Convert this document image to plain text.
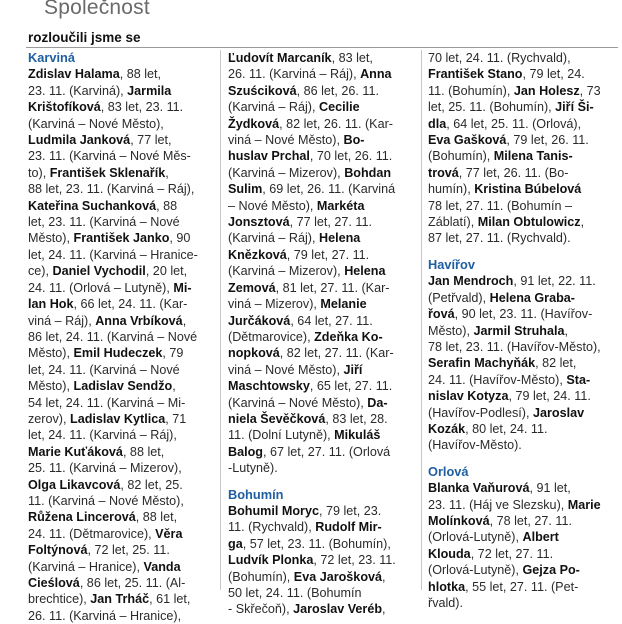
Společnost
rozloučili jsme se
Karviná
Zdislav Halama, 88 let,
23. 11. (Karviná), Jarmila
Krištofíková, 83 let, 23. 11.
(Karviná – Nové Město),
Ludmila Janková, 77 let,
23. 11. (Karviná – Nové Měs-
to), František Sklenařík,
88 let, 23. 11. (Karviná – Ráj),
Kateřina Suchanková, 88
let, 23. 11. (Karviná – Nové
Město), František Janko, 90
let, 24. 11. (Karviná – Hranice-
ce), Daniel Vychodil, 20 let,
24. 11. (Orlová – Lutyně), Mi-
lan Hok, 66 let, 24. 11. (Kar-
viná – Ráj), Anna Vrbíková,
86 let, 24. 11. (Karviná – Nové
Město), Emil Hudeczek, 79
let, 24. 11. (Karviná – Nové
Město), Ladislav Sendžo,
54 let, 24. 11. (Karviná – Mi-
zerov), Ladislav Kytlica, 71
let, 24. 11. (Karviná – Ráj),
Marie Kuťáková, 88 let,
25. 11. (Karviná – Mizerov),
Olga Likavcová, 82 let, 25.
11. (Karviná – Nové Město),
Růžena Lincerová, 88 let,
24. 11. (Dětmarovice), Věra
Foltýnová, 72 let, 25. 11.
(Karviná – Hranice), Vanda
Cieślová, 86 let, 25. 11. (Al-
brechtice), Jan Trháč, 61 let,
26. 11. (Karviná – Hranice),
Ľudovít Marcaník, 83 let,
26. 11. (Karviná – Ráj), Anna
Szuściková, 86 let, 26. 11.
(Karviná – Ráj), Cecilie
Žydková, 82 let, 26. 11. (Kar-
viná – Nové Město), Bo-
huslav Prchal, 70 let, 26. 11.
(Karviná – Mizerov), Bohdan
Sulim, 69 let, 26. 11. (Karviná
– Nové Město), Markéta
Jonsztová, 77 let, 27. 11.
(Karviná – Ráj), Helena
Knězková, 79 let, 27. 11.
(Karviná – Mizerov), Helena
Zemová, 81 let, 27. 11. (Kar-
viná – Mizerov), Melanie
Jurčáková, 64 let, 27. 11.
(Dětmarovice), Zdeňka Ko-
nopková, 82 let, 27. 11. (Kar-
viná – Nové Město), Jiří
Maschtowsky, 65 let, 27. 11.
(Karviná – Nové Město), Da-
niela Ševěčková, 83 let, 28.
11. (Dolní Lutyně), Mikuláš
Balog, 67 let, 27. 11. (Orlová
-Lutyně).
Bohumín
Bohumil Moryc, 79 let, 23.
11. (Rychvald), Rudolf Mir-
ga, 57 let, 23. 11. (Bohumín),
Ludvík Plonka, 72 let, 23. 11.
(Bohumín), Eva Jarošková,
50 let, 24. 11. (Bohumín
- Skřečoň), Jaroslav Veréb,
70 let, 24. 11. (Rychvald),
František Stano, 79 let, 24.
11. (Bohumín), Jan Holesz, 73
let, 25. 11. (Bohumín), Jiří Ši-
dla, 64 let, 25. 11. (Orlová),
Eva Gašková, 79 let, 26. 11.
(Bohumín), Milena Tanis-
trová, 77 let, 26. 11. (Bo-
humín), Kristina Búbelová
78 let, 27. 11. (Bohumín –
Záblatí), Milan Obtulowicz,
87 let, 27. 11. (Rychvald).
Havířov
Jan Mendroch, 91 let, 22. 11.
(Petřvald), Helena Graba-
řová, 90 let, 23. 11. (Havířov-
Město), Jarmil Struhala,
78 let, 23. 11. (Havířov-Město),
Serafin Machyňák, 82 let,
24. 11. (Havířov-Město), Sta-
nislav Kotyza, 79 let, 24. 11.
(Havířov-Podlesí), Jaroslav
Kozák, 80 let, 24. 11.
(Havířov-Město).
Orlová
Blanka Vaňurová, 91 let,
23. 11. (Háj ve Slezsku), Marie
Molínková, 78 let, 27. 11.
(Orlová-Lutyně), Albert
Klouda, 72 let, 27. 11.
(Orlová-Lutyně), Gejza Po-
hlotka, 55 let, 27. 11. (Pet-
řvald).
